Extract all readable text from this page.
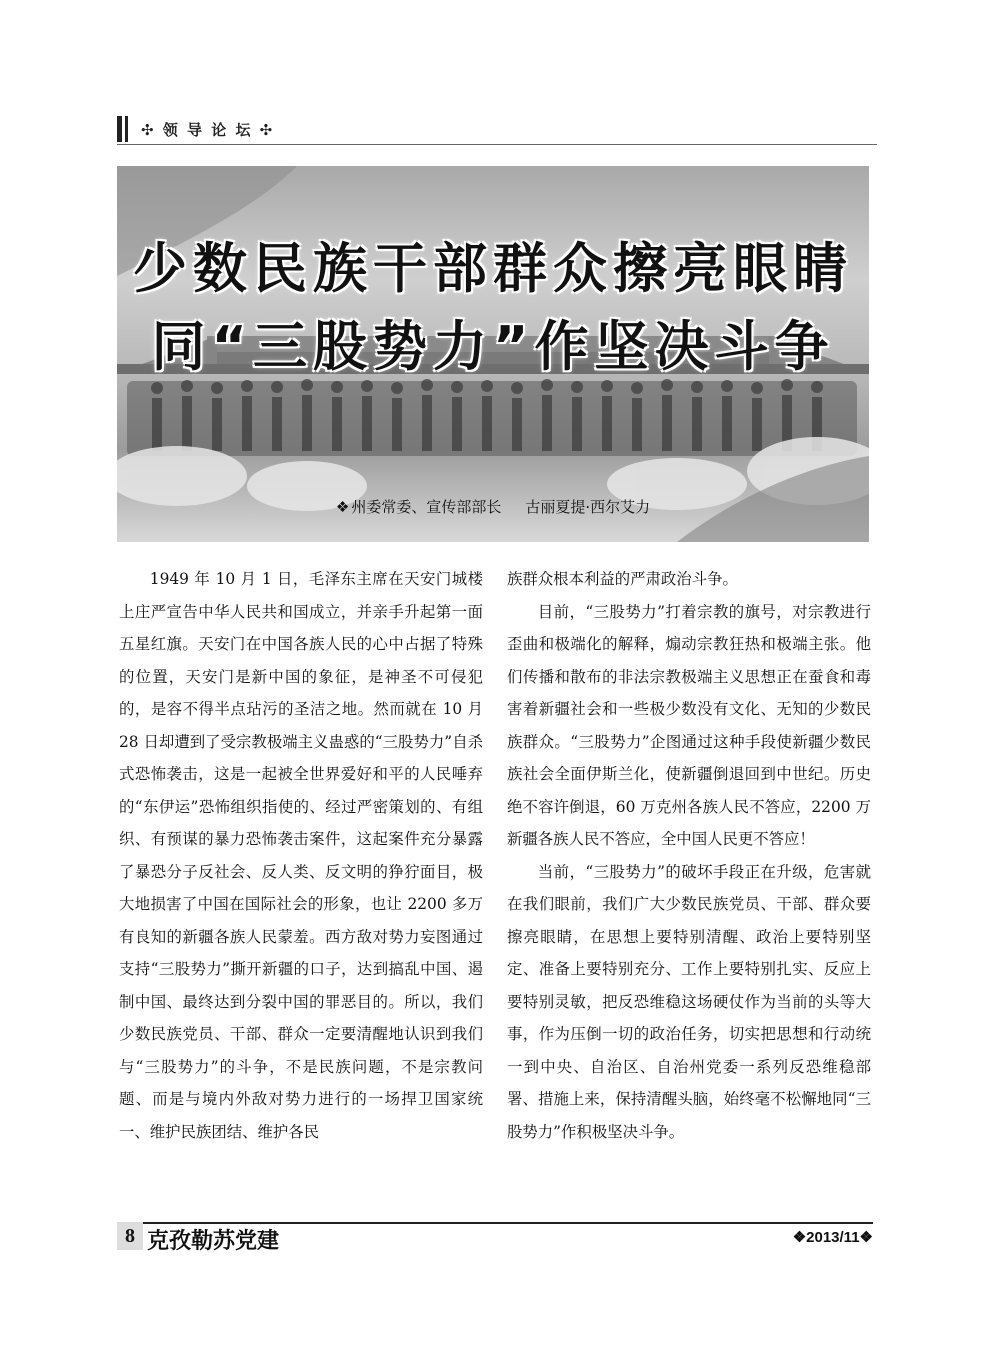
✣ 领 导 论 坛 ✣
少数民族干部群众擦亮眼睛
同“三股势力”作坚决斗争
❖ 州委常委、宣传部部长 古丽夏提·西尔艾力

1949 年 10 月 1 日，毛泽东主席在天安门城楼上庄严宣告中华人民共和国成立，并亲手升起第一面五星红旗。天安门在中国各族人民的心中占据了特殊的位置，天安门是新中国的象征，是神圣不可侵犯的，是容不得半点玷污的圣洁之地。然而就在 10 月 28 日却遭到了受宗教极端主义蛊惑的“三股势力”自杀式恐怖袭击，这是一起被全世界爱好和平的人民唾弃的“东伊运”恐怖组织指使的、经过严密策划的、有组织、有预谋的暴力恐怖袭击案件，这起案件充分暴露了暴恐分子反社会、反人类、反文明的狰狞面目，极大地损害了中国在国际社会的形象，也让 2200 多万有良知的新疆各族人民蒙羞。西方敌对势力妄图通过支持“三股势力”撕开新疆的口子，达到搞乱中国、遏制中国、最终达到分裂中国的罪恶目的。所以，我们少数民族党员、干部、群众一定要清醒地认识到我们与“三股势力”的斗争，不是民族问题，不是宗教问题、而是与境内外敌对势力进行的一场捍卫国家统一、维护民族团结、维护各民

族群众根本利益的严肃政治斗争。

目前，“三股势力”打着宗教的旗号，对宗教进行歪曲和极端化的解释，煽动宗教狂热和极端主张。他们传播和散布的非法宗教极端主义思想正在蚕食和毒害着新疆社会和一些极少数没有文化、无知的少数民族群众。“三股势力”企图通过这种手段使新疆少数民族社会全面伊斯兰化，使新疆倒退回到中世纪。历史绝不容许倒退，60 万克州各族人民不答应，2200 万新疆各族人民不答应，全中国人民更不答应！

当前，“三股势力”的破坏手段正在升级，危害就在我们眼前，我们广大少数民族党员、干部、群众要擦亮眼睛，在思想上要特别清醒、政治上要特别坚定、准备上要特别充分、工作上要特别扎实、反应上要特别灵敏，把反恐维稳这场硬仗作为当前的头等大事，作为压倒一切的政治任务，切实把思想和行动统一到中央、自治区、自治州党委一系列反恐维稳部署、措施上来，保持清醒头脑，始终毫不松懈地同“三股势力”作积极坚决斗争。

8 克孜勒苏党建	❖2013/11❖
